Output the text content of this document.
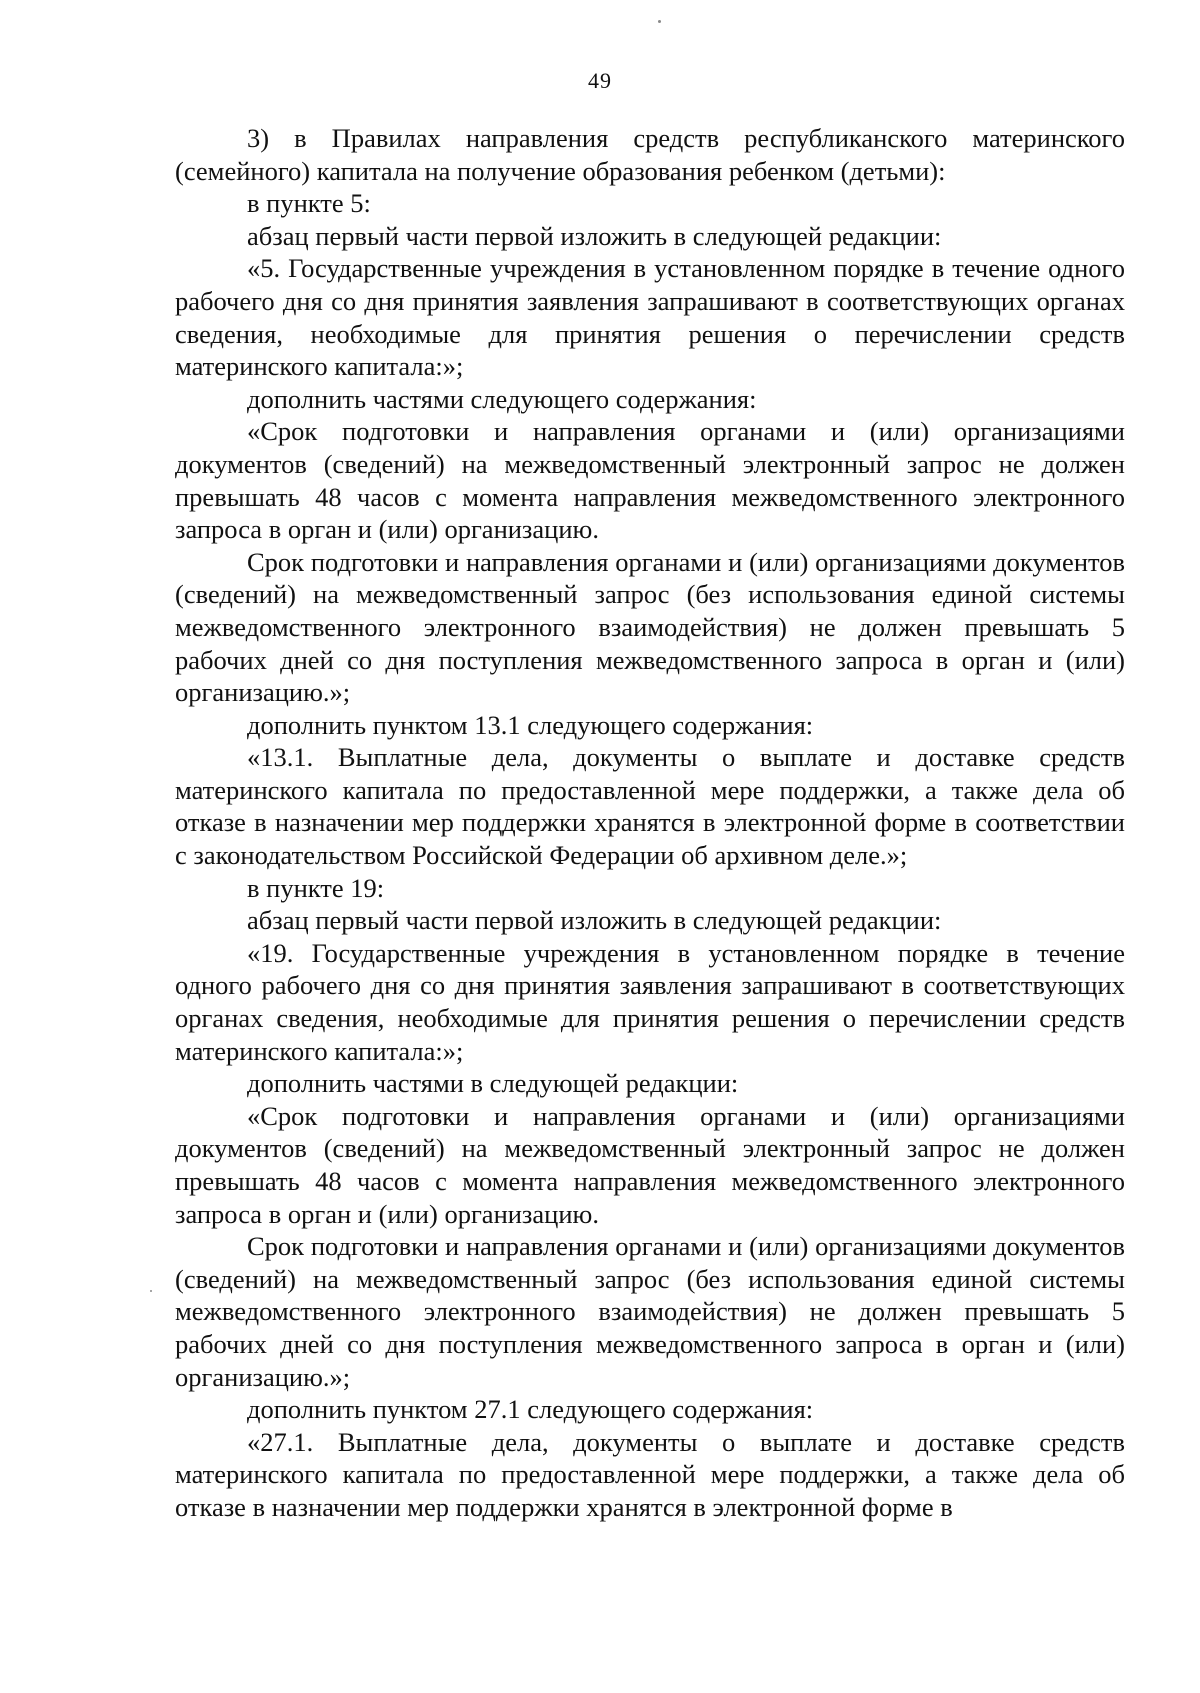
49

3) в Правилах направления средств республиканского материнского (семейного) капитала на получение образования ребенком (детьми):

в пункте 5:

абзац первый части первой изложить в следующей редакции:

«5. Государственные учреждения в установленном порядке в течение одного рабочего дня со дня принятия заявления запрашивают в соответствующих органах сведения, необходимые для принятия решения о перечислении средств материнского капитала:»;

дополнить частями следующего содержания:

«Срок подготовки и направления органами и (или) организациями документов (сведений) на межведомственный электронный запрос не должен превышать 48 часов с момента направления межведомственного электронного запроса в орган и (или) организацию.

Срок подготовки и направления органами и (или) организациями документов (сведений) на межведомственный запрос (без использования единой системы межведомственного электронного взаимодействия) не должен превышать 5 рабочих дней со дня поступления межведомственного запроса в орган и (или) организацию.»;

дополнить пунктом 13.1 следующего содержания:

«13.1. Выплатные дела, документы о выплате и доставке средств материнского капитала по предоставленной мере поддержки, а также дела об отказе в назначении мер поддержки хранятся в электронной форме в соответствии с законодательством Российской Федерации об архивном деле.»;

в пункте 19:

абзац первый части первой изложить в следующей редакции:

«19. Государственные учреждения в установленном порядке в течение одного рабочего дня со дня принятия заявления запрашивают в соответствующих органах сведения, необходимые для принятия решения о перечислении средств материнского капитала:»;

дополнить частями в следующей редакции:

«Срок подготовки и направления органами и (или) организациями документов (сведений) на межведомственный электронный запрос не должен превышать 48 часов с момента направления межведомственного электронного запроса в орган и (или) организацию.

Срок подготовки и направления органами и (или) организациями документов (сведений) на межведомственный запрос (без использования единой системы межведомственного электронного взаимодействия) не должен превышать 5 рабочих дней со дня поступления межведомственного запроса в орган и (или) организацию.»;

дополнить пунктом 27.1 следующего содержания:

«27.1. Выплатные дела, документы о выплате и доставке средств материнского капитала по предоставленной мере поддержки, а также дела об отказе в назначении мер поддержки хранятся в электронной форме в
